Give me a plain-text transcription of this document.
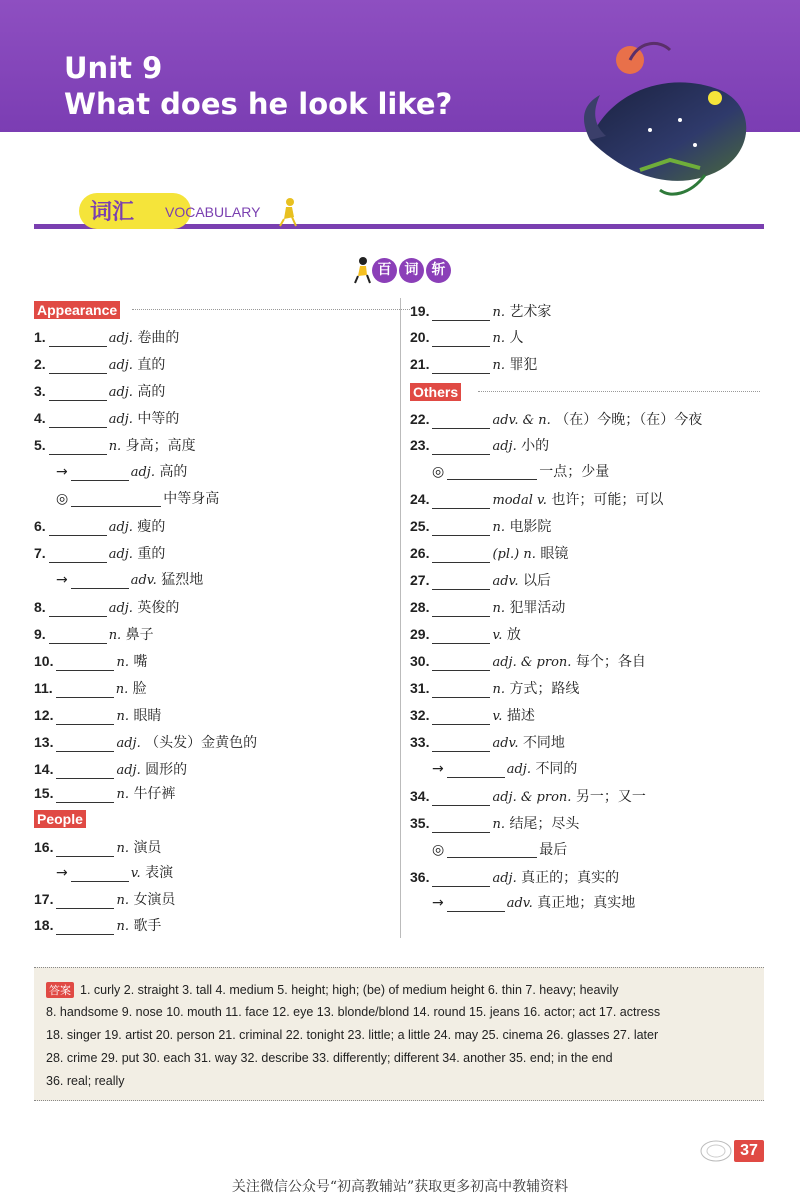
Unit 9
What does he look like?
词汇 VOCABULARY
百 词 斩
Appearance
People
1.	adj. 卷曲的
2.	adj. 直的
3.	adj. 高的
4.	adj. 中等的
5.	n. 身高；高度
→	adj. 高的
◎	中等身高
6.	adj. 瘦的
7.	adj. 重的
→	adv. 猛烈地
8.	adj. 英俊的
9.	n. 鼻子
10.	n. 嘴
11.	n. 脸
12.	n. 眼睛
13.	adj. （头发）金黄色的
14.	adj. 圆形的
15.	n. 牛仔裤
16.	n. 演员
→	v. 表演
17.	n. 女演员
18.	n. 歌手
Others
19.	n. 艺术家
20.	n. 人
21.	n. 罪犯
22.	adv. & n. （在）今晚；（在）今夜
23.	adj. 小的
◎	一点；少量
24.	modal v. 也许；可能；可以
25.	n. 电影院
26.	(pl.) n. 眼镜
27.	adv. 以后
28.	n. 犯罪活动
29.	v. 放
30.	adj. & pron. 每个；各自
31.	n. 方式；路线
32.	v. 描述
33.	adv. 不同地
→	adj. 不同的
34.	adj. & pron. 另一；又一
35.	n. 结尾；尽头
◎	最后
36.	adj. 真正的；真实的
→	adv. 真正地；真实地
答案 1. curly 2. straight 3. tall 4. medium 5. height; high; (be) of medium height 6. thin 7. heavy; heavily
8. handsome 9. nose 10. mouth 11. face 12. eye 13. blonde/blond 14. round 15. jeans 16. actor; act 17. actress
18. singer 19. artist 20. person 21. criminal 22. tonight 23. little; a little 24. may 25. cinema 26. glasses 27. later
28. crime 29. put 30. each 31. way 32. describe 33. differently; different 34. another 35. end; in the end
36. real; really
37
关注微信公众号“初高教辅站”获取更多初高中教辅资料
